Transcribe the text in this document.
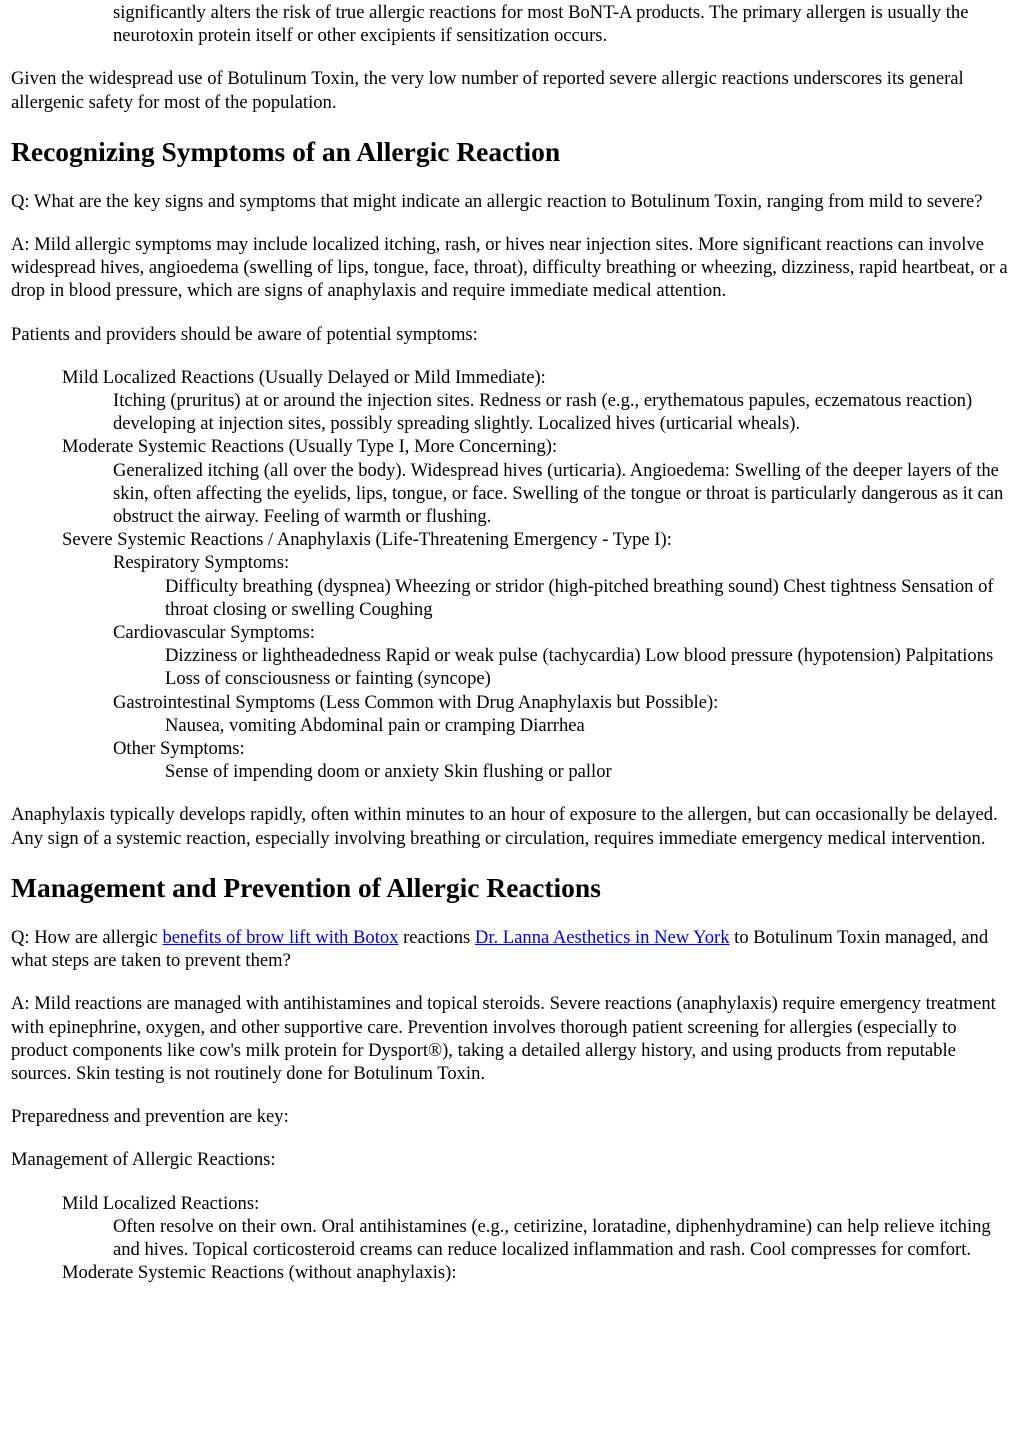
significantly alters the risk of true allergic reactions for most BoNT-A products. The primary allergen is usually the neurotoxin protein itself or other excipients if sensitization occurs.

Given the widespread use of Botulinum Toxin, the very low number of reported severe allergic reactions underscores its general allergenic safety for most of the population.

Recognizing Symptoms of an Allergic Reaction

Q: What are the key signs and symptoms that might indicate an allergic reaction to Botulinum Toxin, ranging from mild to severe?

A: Mild allergic symptoms may include localized itching, rash, or hives near injection sites. More significant reactions can involve widespread hives, angioedema (swelling of lips, tongue, face, throat), difficulty breathing or wheezing, dizziness, rapid heartbeat, or a drop in blood pressure, which are signs of anaphylaxis and require immediate medical attention.

Patients and providers should be aware of potential symptoms:

Mild Localized Reactions (Usually Delayed or Mild Immediate):

Itching (pruritus) at or around the injection sites. Redness or rash (e.g., erythematous papules, eczematous reaction) developing at injection sites, possibly spreading slightly. Localized hives (urticarial wheals).

Moderate Systemic Reactions (Usually Type I, More Concerning):

Generalized itching (all over the body). Widespread hives (urticaria). Angioedema: Swelling of the deeper layers of the skin, often affecting the eyelids, lips, tongue, or face. Swelling of the tongue or throat is particularly dangerous as it can obstruct the airway. Feeling of warmth or flushing.

Severe Systemic Reactions / Anaphylaxis (Life-Threatening Emergency - Type I):

Respiratory Symptoms:

Difficulty breathing (dyspnea) Wheezing or stridor (high-pitched breathing sound) Chest tightness Sensation of throat closing or swelling Coughing

Cardiovascular Symptoms:

Dizziness or lightheadedness Rapid or weak pulse (tachycardia) Low blood pressure (hypotension) Palpitations Loss of consciousness or fainting (syncope)

Gastrointestinal Symptoms (Less Common with Drug Anaphylaxis but Possible):

Nausea, vomiting Abdominal pain or cramping Diarrhea

Other Symptoms:

Sense of impending doom or anxiety Skin flushing or pallor

Anaphylaxis typically develops rapidly, often within minutes to an hour of exposure to the allergen, but can occasionally be delayed. Any sign of a systemic reaction, especially involving breathing or circulation, requires immediate emergency medical intervention.

Management and Prevention of Allergic Reactions

Q: How are allergic benefits of brow lift with Botox reactions Dr. Lanna Aesthetics in New York to Botulinum Toxin managed, and what steps are taken to prevent them?

A: Mild reactions are managed with antihistamines and topical steroids. Severe reactions (anaphylaxis) require emergency treatment with epinephrine, oxygen, and other supportive care. Prevention involves thorough patient screening for allergies (especially to product components like cow's milk protein for Dysport®), taking a detailed allergy history, and using products from reputable sources. Skin testing is not routinely done for Botulinum Toxin.

Preparedness and prevention are key:

Management of Allergic Reactions:

Mild Localized Reactions:

Often resolve on their own. Oral antihistamines (e.g., cetirizine, loratadine, diphenhydramine) can help relieve itching and hives. Topical corticosteroid creams can reduce localized inflammation and rash. Cool compresses for comfort.

Moderate Systemic Reactions (without anaphylaxis):
